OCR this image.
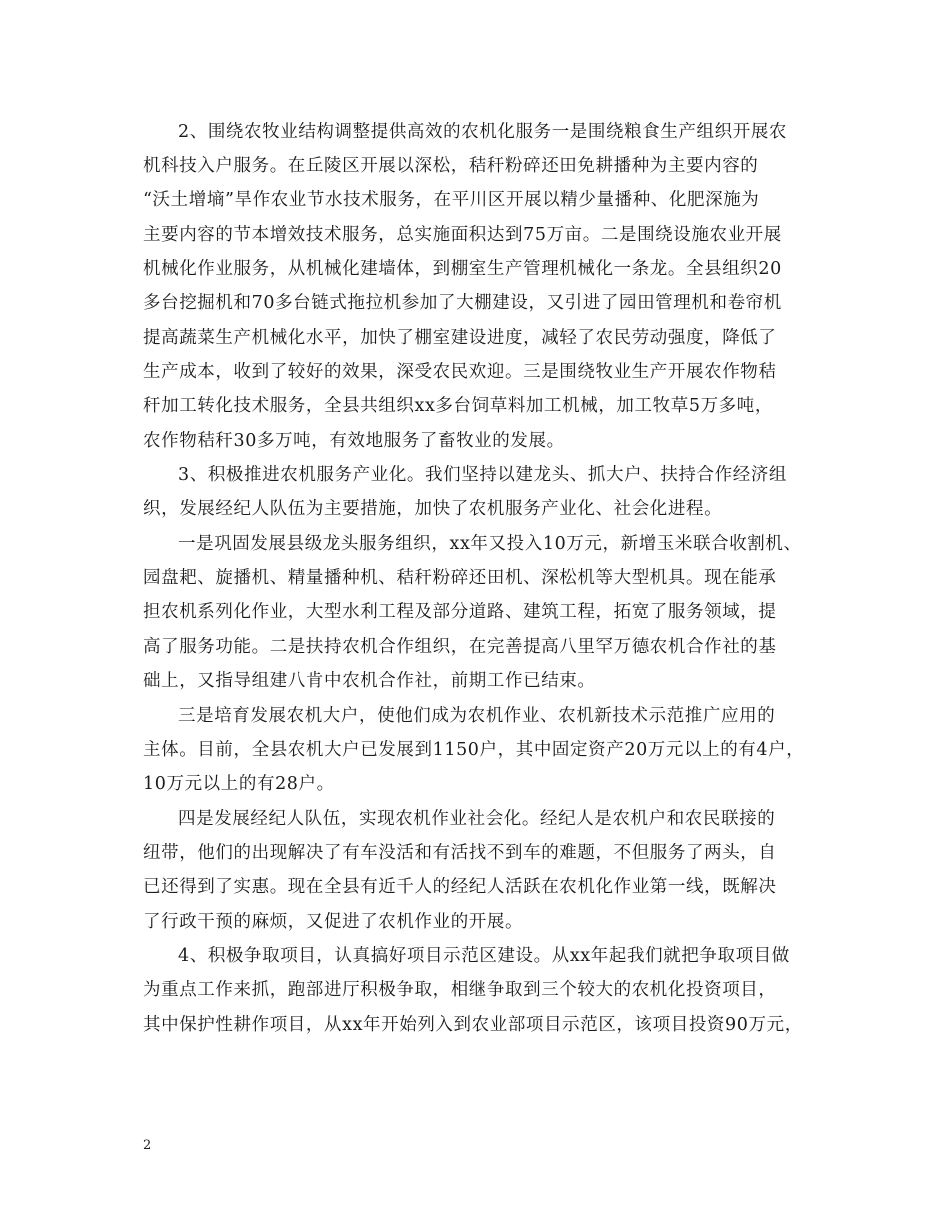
2、围绕农牧业结构调整提供高效的农机化服务一是围绕粮食生产组织开展农
机科技入户服务。在丘陵区开展以深松，秸秆粉碎还田免耕播种为主要内容的
“沃土增墒”旱作农业节水技术服务，在平川区开展以精少量播种、化肥深施为
主要内容的节本增效技术服务，总实施面积达到75万亩。二是围绕设施农业开展
机械化作业服务，从机械化建墙体，到棚室生产管理机械化一条龙。全县组织20
多台挖掘机和70多台链式拖拉机参加了大棚建设，又引进了园田管理机和卷帘机
提高蔬菜生产机械化水平，加快了棚室建设进度，减轻了农民劳动强度，降低了
生产成本，收到了较好的效果，深受农民欢迎。三是围绕牧业生产开展农作物秸
秆加工转化技术服务，全县共组织xx多台饲草料加工机械，加工牧草5万多吨，
农作物秸秆30多万吨，有效地服务了畜牧业的发展。
3、积极推进农机服务产业化。我们坚持以建龙头、抓大户、扶持合作经济组
织，发展经纪人队伍为主要措施，加快了农机服务产业化、社会化进程。
一是巩固发展县级龙头服务组织，xx年又投入10万元，新增玉米联合收割机、
园盘耙、旋播机、精量播种机、秸秆粉碎还田机、深松机等大型机具。现在能承
担农机系列化作业，大型水利工程及部分道路、建筑工程，拓宽了服务领域，提
高了服务功能。二是扶持农机合作组织，在完善提高八里罕万德农机合作社的基
础上，又指导组建八肯中农机合作社，前期工作已结束。
三是培育发展农机大户，使他们成为农机作业、农机新技术示范推广应用的
主体。目前，全县农机大户已发展到1150户，其中固定资产20万元以上的有4户，
10万元以上的有28户。
四是发展经纪人队伍，实现农机作业社会化。经纪人是农机户和农民联接的
纽带，他们的出现解决了有车没活和有活找不到车的难题，不但服务了两头，自
已还得到了实惠。现在全县有近千人的经纪人活跃在农机化作业第一线，既解决
了行政干预的麻烦，又促进了农机作业的开展。
4、积极争取项目，认真搞好项目示范区建设。从xx年起我们就把争取项目做
为重点工作来抓，跑部进厅积极争取，相继争取到三个较大的农机化投资项目，
其中保护性耕作项目，从xx年开始列入到农业部项目示范区，该项目投资90万元，
2
